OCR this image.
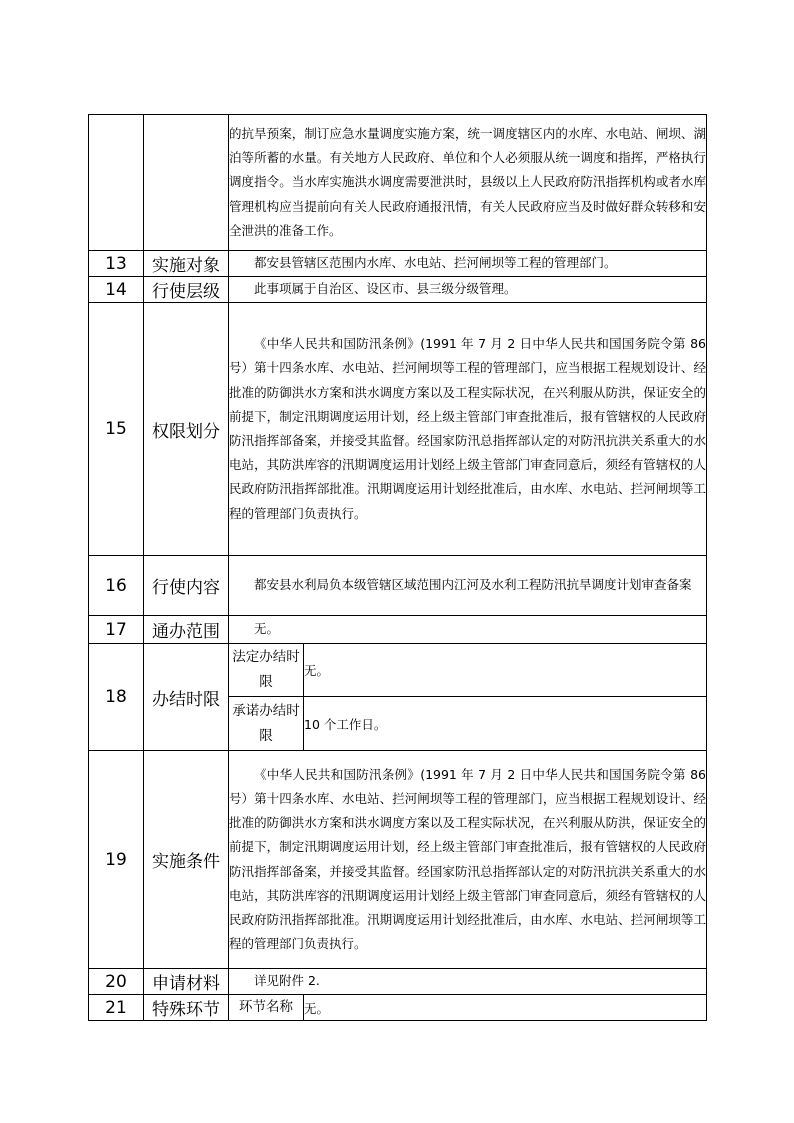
		的抗旱预案，制订应急水量调度实施方案，统一调度辖区内的水库、水电站、闸坝、湖泊等所蓄的水量。有关地方人民政府、单位和个人必须服从统一调度和指挥，严格执行调度指令。当水库实施洪水调度需要泄洪时，县级以上人民政府防汛指挥机构或者水库管理机构应当提前向有关人民政府通报汛情，有关人民政府应当及时做好群众转移和安全泄洪的准备工作。	

13	实施对象	都安县管辖区范围内水库、水电站、拦河闸坝等工程的管理部门。	

14	行使层级	此事项属于自治区、设区市、县三级分级管理。	

15	权限划分	《中华人民共和国防汛条例》(1991 年 7 月 2 日中华人民共和国国务院令第 86 号）第十四条水库、水电站、拦河闸坝等工程的管理部门，应当根据工程规划设计、经批准的防御洪水方案和洪水调度方案以及工程实际状况，在兴利服从防洪，保证安全的前提下，制定汛期调度运用计划，经上级主管部门审查批准后，报有管辖权的人民政府防汛指挥部备案，并接受其监督。经国家防汛总指挥部认定的对防汛抗洪关系重大的水电站，其防洪库容的汛期调度运用计划经上级主管部门审查同意后，须经有管辖权的人民政府防汛指挥部批准。汛期调度运用计划经批准后，由水库、水电站、拦河闸坝等工程的管理部门负责执行。	

16	行使内容	都安县水利局负本级管辖区域范围内江河及水利工程防汛抗旱调度计划审查备案	

17	通办范围	无。	

18	办结时限	法定办结时限	无。
		承诺办结时限	10 个工作日。
19	实施条件	《中华人民共和国防汛条例》(1991 年 7 月 2 日中华人民共和国国务院令第 86 号）第十四条水库、水电站、拦河闸坝等工程的管理部门，应当根据工程规划设计、经批准的防御洪水方案和洪水调度方案以及工程实际状况，在兴利服从防洪，保证安全的前提下，制定汛期调度运用计划，经上级主管部门审查批准后，报有管辖权的人民政府防汛指挥部备案，并接受其监督。经国家防汛总指挥部认定的对防汛抗洪关系重大的水电站，其防洪库容的汛期调度运用计划经上级主管部门审查同意后，须经有管辖权的人民政府防汛指挥部批准。汛期调度运用计划经批准后，由水库、水电站、拦河闸坝等工程的管理部门负责执行。	

20	申请材料	详见附件 2.	

21	特殊环节	环节名称	无。
